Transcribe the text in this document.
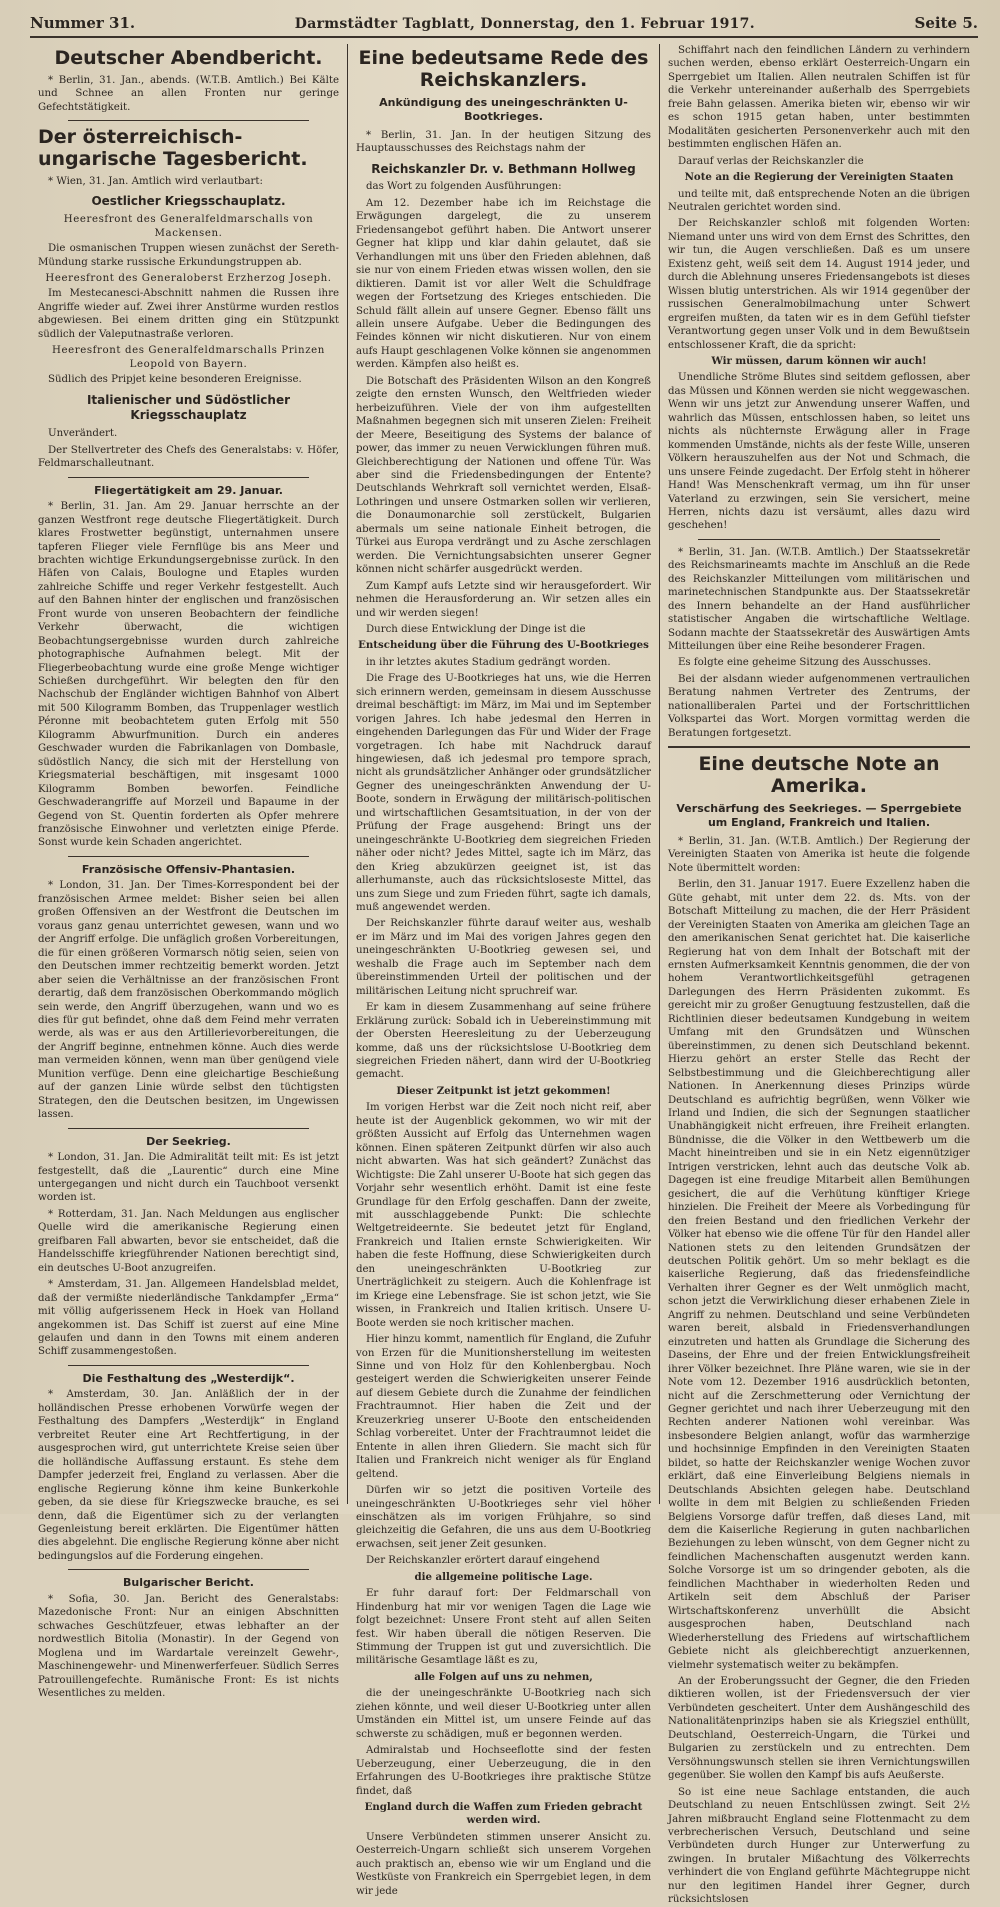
Nummer 31.	Darmstädter Tagblatt, Donnerstag, den 1. Februar 1917.	Seite 5.
Deutscher Abendbericht.

* Berlin, 31. Jan., abends. (W.T.B. Amtlich.) Bei Kälte und Schnee an allen Fronten nur geringe Gefechtstätigkeit.

Der österreichisch-ungarische Tagesbericht.

* Wien, 31. Jan. Amtlich wird verlautbart:

Oestlicher Kriegsschauplatz.

Heeresfront des Generalfeldmarschalls von Mackensen.

Die osmanischen Truppen wiesen zunächst der Sereth-Mündung starke russische Erkundungstruppen ab.

Heeresfront des Generaloberst Erzherzog Joseph.

Im Mestecanesci-Abschnitt nahmen die Russen ihre Angriffe wieder auf. Zwei ihrer Anstürme wurden restlos abgewiesen. Bei einem dritten ging ein Stützpunkt südlich der Valeputnastraße verloren.

Heeresfront des Generalfeldmarschalls Prinzen Leopold von Bayern.

Südlich des Pripjet keine besonderen Ereignisse.

Italienischer und Südöstlicher Kriegsschauplatz

Unverändert.

Der Stellvertreter des Chefs des Generalstabs: v. Höfer, Feldmarschalleutnant.

Fliegertätigkeit am 29. Januar.

* Berlin, 31. Jan. Am 29. Januar herrschte an der ganzen Westfront rege deutsche Fliegertätigkeit. Durch klares Frostwetter begünstigt, unternahmen unsere tapferen Flieger viele Fernflüge bis ans Meer und brachten wichtige Erkundungsergebnisse zurück. In den Häfen von Calais, Boulogne und Etaples wurden zahlreiche Schiffe und reger Verkehr festgestellt. Auch auf den Bahnen hinter der englischen und französischen Front wurde von unseren Beobachtern der feindliche Verkehr überwacht, die wichtigen Beobachtungsergebnisse wurden durch zahlreiche photographische Aufnahmen belegt. Mit der Fliegerbeobachtung wurde eine große Menge wichtiger Schießen durchgeführt. Wir belegten den für den Nachschub der Engländer wichtigen Bahnhof von Albert mit 500 Kilogramm Bomben, das Truppenlager westlich Péronne mit beobachtetem guten Erfolg mit 550 Kilogramm Abwurfmunition. Durch ein anderes Geschwader wurden die Fabrikanlagen von Dombasle, südöstlich Nancy, die sich mit der Herstellung von Kriegsmaterial beschäftigen, mit insgesamt 1000 Kilogramm Bomben beworfen. Feindliche Geschwaderangriffe auf Morzeil und Bapaume in der Gegend von St. Quentin forderten als Opfer mehrere französische Einwohner und verletzten einige Pferde. Sonst wurde kein Schaden angerichtet.

Französische Offensiv-Phantasien.

* London, 31. Jan. Der Times-Korrespondent bei der französischen Armee meldet: Bisher seien bei allen großen Offensiven an der Westfront die Deutschen im voraus ganz genau unterrichtet gewesen, wann und wo der Angriff erfolge. Die unfäglich großen Vorbereitungen, die für einen größeren Vormarsch nötig seien, seien von den Deutschen immer rechtzeitig bemerkt worden. Jetzt aber seien die Verhältnisse an der französischen Front derartig, daß dem französischen Oberkommando möglich sein werde, den Angriff überzugehen, wann und wo es dies für gut befindet, ohne daß dem Feind mehr verraten werde, als was er aus den Artillerievorbereitungen, die der Angriff beginne, entnehmen könne. Auch dies werde man vermeiden können, wenn man über genügend viele Munition verfüge. Denn eine gleichartige Beschießung auf der ganzen Linie würde selbst den tüchtigsten Strategen, den die Deutschen besitzen, im Ungewissen lassen.

Der Seekrieg.

* London, 31. Jan. Die Admiralität teilt mit: Es ist jetzt festgestellt, daß die „Laurentic“ durch eine Mine untergegangen und nicht durch ein Tauchboot versenkt worden ist.

* Rotterdam, 31. Jan. Nach Meldungen aus englischer Quelle wird die amerikanische Regierung einen greifbaren Fall abwarten, bevor sie entscheidet, daß die Handelsschiffe kriegführender Nationen berechtigt sind, ein deutsches U-Boot anzugreifen.

* Amsterdam, 31. Jan. Allgemeen Handelsblad meldet, daß der vermißte niederländische Tankdampfer „Erma“ mit völlig aufgerissenem Heck in Hoek van Holland angekommen ist. Das Schiff ist zuerst auf eine Mine gelaufen und dann in den Towns mit einem anderen Schiff zusammengestoßen.

Die Festhaltung des „Westerdijk“.

* Amsterdam, 30. Jan. Anläßlich der in der holländischen Presse erhobenen Vorwürfe wegen der Festhaltung des Dampfers „Westerdijk“ in England verbreitet Reuter eine Art Rechtfertigung, in der ausgesprochen wird, gut unterrichtete Kreise seien über die holländische Auffassung erstaunt. Es stehe dem Dampfer jederzeit frei, England zu verlassen. Aber die englische Regierung könne ihm keine Bunkerkohle geben, da sie diese für Kriegszwecke brauche, es sei denn, daß die Eigentümer sich zu der verlangten Gegenleistung bereit erklärten. Die Eigentümer hätten dies abgelehnt. Die englische Regierung könne aber nicht bedingungslos auf die Forderung eingehen.

Bulgarischer Bericht.

* Sofia, 30. Jan. Bericht des Generalstabs: Mazedonische Front: Nur an einigen Abschnitten schwaches Geschützfeuer, etwas lebhafter an der nordwestlich Bitolia (Monastir). In der Gegend von Moglena und im Wardartale vereinzelt Gewehr-, Maschinengewehr- und Minenwerferfeuer. Südlich Serres Patrouillengefechte. Rumänische Front: Es ist nichts Wesentliches zu melden.

Eine bedeutsame Rede des Reichskanzlers.
Ankündigung des uneingeschränkten U-Bootkrieges.

* Berlin, 31. Jan. In der heutigen Sitzung des Hauptausschusses des Reichstags nahm der

Reichskanzler Dr. v. Bethmann Hollweg

das Wort zu folgenden Ausführungen:

Am 12. Dezember habe ich im Reichstage die Erwägungen dargelegt, die zu unserem Friedensangebot geführt haben. Die Antwort unserer Gegner hat klipp und klar dahin gelautet, daß sie Verhandlungen mit uns über den Frieden ablehnen, daß sie nur von einem Frieden etwas wissen wollen, den sie diktieren. Damit ist vor aller Welt die Schuldfrage wegen der Fortsetzung des Krieges entschieden. Die Schuld fällt allein auf unsere Gegner. Ebenso fällt uns allein unsere Aufgabe. Ueber die Bedingungen des Feindes können wir nicht diskutieren. Nur von einem aufs Haupt geschlagenen Volke können sie angenommen werden. Kämpfen also heißt es.

Die Botschaft des Präsidenten Wilson an den Kongreß zeigte den ernsten Wunsch, den Weltfrieden wieder herbeizuführen. Viele der von ihm aufgestellten Maßnahmen begegnen sich mit unseren Zielen: Freiheit der Meere, Beseitigung des Systems der balance of power, das immer zu neuen Verwicklungen führen muß. Gleichberechtigung der Nationen und offene Tür. Was aber sind die Friedensbedingungen der Entente? Deutschlands Wehrkraft soll vernichtet werden, Elsaß-Lothringen und unsere Ostmarken sollen wir verlieren, die Donaumonarchie soll zerstückelt, Bulgarien abermals um seine nationale Einheit betrogen, die Türkei aus Europa verdrängt und zu Asche zerschlagen werden. Die Vernichtungsabsichten unserer Gegner können nicht schärfer ausgedrückt werden.

Zum Kampf aufs Letzte sind wir herausgefordert. Wir nehmen die Herausforderung an. Wir setzen alles ein und wir werden siegen!

Durch diese Entwicklung der Dinge ist die

Entscheidung über die Führung des U-Bootkrieges

in ihr letztes akutes Stadium gedrängt worden.

Die Frage des U-Bootkrieges hat uns, wie die Herren sich erinnern werden, gemeinsam in diesem Ausschusse dreimal beschäftigt: im März, im Mai und im September vorigen Jahres. Ich habe jedesmal den Herren in eingehenden Darlegungen das Für und Wider der Frage vorgetragen. Ich habe mit Nachdruck darauf hingewiesen, daß ich jedesmal pro tempore sprach, nicht als grundsätzlicher Anhänger oder grundsätzlicher Gegner des uneingeschränkten Anwendung der U-Boote, sondern in Erwägung der militärisch-politischen und wirtschaftlichen Gesamtsituation, in der von der Prüfung der Frage ausgehend: Bringt uns der uneingeschränkte U-Bootkrieg dem siegreichen Frieden näher oder nicht? Jedes Mittel, sagte ich im März, das den Krieg abzukürzen geeignet ist, ist das allerhumanste, auch das rücksichtsloseste Mittel, das uns zum Siege und zum Frieden führt, sagte ich damals, muß angewendet werden.

Der Reichskanzler führte darauf weiter aus, weshalb er im März und im Mai des vorigen Jahres gegen den uneingeschränkten U-Bootkrieg gewesen sei, und weshalb die Frage auch im September nach dem übereinstimmenden Urteil der politischen und der militärischen Leitung nicht spruchreif war.

Er kam in diesem Zusammenhang auf seine frühere Erklärung zurück: Sobald ich in Uebereinstimmung mit der Obersten Heeresleitung zu der Ueberzeugung komme, daß uns der rücksichtslose U-Bootkrieg dem siegreichen Frieden nähert, dann wird der U-Bootkrieg gemacht.

Dieser Zeitpunkt ist jetzt gekommen!

Im vorigen Herbst war die Zeit noch nicht reif, aber heute ist der Augenblick gekommen, wo wir mit der größten Aussicht auf Erfolg das Unternehmen wagen können. Einen späteren Zeitpunkt dürfen wir also auch nicht abwarten. Was hat sich geändert? Zunächst das Wichtigste: Die Zahl unserer U-Boote hat sich gegen das Vorjahr sehr wesentlich erhöht. Damit ist eine feste Grundlage für den Erfolg geschaffen. Dann der zweite, mit ausschlaggebende Punkt: Die schlechte Weltgetreideernte. Sie bedeutet jetzt für England, Frankreich und Italien ernste Schwierigkeiten. Wir haben die feste Hoffnung, diese Schwierigkeiten durch den uneingeschränkten U-Bootkrieg zur Unerträglichkeit zu steigern. Auch die Kohlenfrage ist im Kriege eine Lebensfrage. Sie ist schon jetzt, wie Sie wissen, in Frankreich und Italien kritisch. Unsere U-Boote werden sie noch kritischer machen.

Hier hinzu kommt, namentlich für England, die Zufuhr von Erzen für die Munitionsherstellung im weitesten Sinne und von Holz für den Kohlenbergbau. Noch gesteigert werden die Schwierigkeiten unserer Feinde auf diesem Gebiete durch die Zunahme der feindlichen Frachtraumnot. Hier haben die Zeit und der Kreuzerkrieg unserer U-Boote den entscheidenden Schlag vorbereitet. Unter der Frachtraumnot leidet die Entente in allen ihren Gliedern. Sie macht sich für Italien und Frankreich nicht weniger als für England geltend.

Dürfen wir so jetzt die positiven Vorteile des uneingeschränkten U-Bootkrieges sehr viel höher einschätzen als im vorigen Frühjahre, so sind gleichzeitig die Gefahren, die uns aus dem U-Bootkrieg erwachsen, seit jener Zeit gesunken.

Der Reichskanzler erörtert darauf eingehend

die allgemeine politische Lage.

Er fuhr darauf fort: Der Feldmarschall von Hindenburg hat mir vor wenigen Tagen die Lage wie folgt bezeichnet: Unsere Front steht auf allen Seiten fest. Wir haben überall die nötigen Reserven. Die Stimmung der Truppen ist gut und zuversichtlich. Die militärische Gesamtlage läßt es zu,

alle Folgen auf uns zu nehmen,

die der uneingeschränkte U-Bootkrieg nach sich ziehen könnte, und weil dieser U-Bootkrieg unter allen Umständen ein Mittel ist, um unsere Feinde auf das schwerste zu schädigen, muß er begonnen werden.

Admiralstab und Hochseeflotte sind der festen Ueberzeugung, einer Ueberzeugung, die in den Erfahrungen des U-Bootkrieges ihre praktische Stütze findet, daß

England durch die Waffen zum Frieden gebracht werden wird.

Unsere Verbündeten stimmen unserer Ansicht zu. Oesterreich-Ungarn schließt sich unserem Vorgehen auch praktisch an, ebenso wie wir um England und die Westküste von Frankreich ein Sperrgebiet legen, in dem wir jede

Schiffahrt nach den feindlichen Ländern zu verhindern suchen werden, ebenso erklärt Oesterreich-Ungarn ein Sperrgebiet um Italien. Allen neutralen Schiffen ist für die Verkehr untereinander außerhalb des Sperrgebiets freie Bahn gelassen. Amerika bieten wir, ebenso wir wir es schon 1915 getan haben, unter bestimmten Modalitäten gesicherten Personenverkehr auch mit den bestimmten englischen Häfen an.

Darauf verlas der Reichskanzler die

Note an die Regierung der Vereinigten Staaten

und teilte mit, daß entsprechende Noten an die übrigen Neutralen gerichtet worden sind.

Der Reichskanzler schloß mit folgenden Worten: Niemand unter uns wird von dem Ernst des Schrittes, den wir tun, die Augen verschließen. Daß es um unsere Existenz geht, weiß seit dem 14. August 1914 jeder, und durch die Ablehnung unseres Friedensangebots ist dieses Wissen blutig unterstrichen. Als wir 1914 gegenüber der russischen Generalmobilmachung unter Schwert ergreifen mußten, da taten wir es in dem Gefühl tiefster Verantwortung gegen unser Volk und in dem Bewußtsein entschlossener Kraft, die da spricht:

Wir müssen, darum können wir auch!

Unendliche Ströme Blutes sind seitdem geflossen, aber das Müssen und Können werden sie nicht weggewaschen. Wenn wir uns jetzt zur Anwendung unserer Waffen, und wahrlich das Müssen, entschlossen haben, so leitet uns nichts als nüchternste Erwägung aller in Frage kommenden Umstände, nichts als der feste Wille, unseren Völkern herauszuhelfen aus der Not und Schmach, die uns unsere Feinde zugedacht. Der Erfolg steht in höherer Hand! Was Menschenkraft vermag, um ihn für unser Vaterland zu erzwingen, sein Sie versichert, meine Herren, nichts dazu ist versäumt, alles dazu wird geschehen!

* Berlin, 31. Jan. (W.T.B. Amtlich.) Der Staatssekretär des Reichsmarineamts machte im Anschluß an die Rede des Reichskanzler Mitteilungen vom militärischen und marinetechnischen Standpunkte aus. Der Staatssekretär des Innern behandelte an der Hand ausführlicher statistischer Angaben die wirtschaftliche Weltlage. Sodann machte der Staatssekretär des Auswärtigen Amts Mitteilungen über eine Reihe besonderer Fragen.

Es folgte eine geheime Sitzung des Ausschusses.

Bei der alsdann wieder aufgenommenen vertraulichen Beratung nahmen Vertreter des Zentrums, der nationalliberalen Partei und der Fortschrittlichen Volkspartei das Wort. Morgen vormittag werden die Beratungen fortgesetzt.

Eine deutsche Note an Amerika.
Verschärfung des Seekrieges. — Sperrgebiete um England, Frankreich und Italien.

* Berlin, 31. Jan. (W.T.B. Amtlich.) Der Regierung der Vereinigten Staaten von Amerika ist heute die folgende Note übermittelt worden:

Berlin, den 31. Januar 1917. Euere Exzellenz haben die Güte gehabt, mit unter dem 22. ds. Mts. von der Botschaft Mitteilung zu machen, die der Herr Präsident der Vereinigten Staaten von Amerika am gleichen Tage an den amerikanischen Senat gerichtet hat. Die kaiserliche Regierung hat von dem Inhalt der Botschaft mit der ernsten Aufmerksamkeit Kenntnis genommen, die der von hohem Verantwortlichkeitsgefühl getragenen Darlegungen des Herrn Präsidenten zukommt. Es gereicht mir zu großer Genugtuung festzustellen, daß die Richtlinien dieser bedeutsamen Kundgebung in weitem Umfang mit den Grundsätzen und Wünschen übereinstimmen, zu denen sich Deutschland bekennt. Hierzu gehört an erster Stelle das Recht der Selbstbestimmung und die Gleichberechtigung aller Nationen. In Anerkennung dieses Prinzips würde Deutschland es aufrichtig begrüßen, wenn Völker wie Irland und Indien, die sich der Segnungen staatlicher Unabhängigkeit nicht erfreuen, ihre Freiheit erlangten. Bündnisse, die die Völker in den Wettbewerb um die Macht hineintreiben und sie in ein Netz eigennütziger Intrigen verstricken, lehnt auch das deutsche Volk ab. Dagegen ist eine freudige Mitarbeit allen Bemühungen gesichert, die auf die Verhütung künftiger Kriege hinzielen. Die Freiheit der Meere als Vorbedingung für den freien Bestand und den friedlichen Verkehr der Völker hat ebenso wie die offene Tür für den Handel aller Nationen stets zu den leitenden Grundsätzen der deutschen Politik gehört. Um so mehr beklagt es die kaiserliche Regierung, daß das friedensfeindliche Verhalten ihrer Gegner es der Welt unmöglich macht, schon jetzt die Verwirklichung dieser erhabenen Ziele in Angriff zu nehmen. Deutschland und seine Verbündeten waren bereit, alsbald in Friedensverhandlungen einzutreten und hatten als Grundlage die Sicherung des Daseins, der Ehre und der freien Entwicklungsfreiheit ihrer Völker bezeichnet. Ihre Pläne waren, wie sie in der Note vom 12. Dezember 1916 ausdrücklich betonten, nicht auf die Zerschmetterung oder Vernichtung der Gegner gerichtet und nach ihrer Ueberzeugung mit den Rechten anderer Nationen wohl vereinbar. Was insbesondere Belgien anlangt, wofür das warmherzige und hochsinnige Empfinden in den Vereinigten Staaten bildet, so hatte der Reichskanzler wenige Wochen zuvor erklärt, daß eine Einverleibung Belgiens niemals in Deutschlands Absichten gelegen habe. Deutschland wollte in dem mit Belgien zu schließenden Frieden Belgiens Vorsorge dafür treffen, daß dieses Land, mit dem die Kaiserliche Regierung in guten nachbarlichen Beziehungen zu leben wünscht, von dem Gegner nicht zu feindlichen Machenschaften ausgenutzt werden kann. Solche Vorsorge ist um so dringender geboten, als die feindlichen Machthaber in wiederholten Reden und Artikeln seit dem Abschluß der Pariser Wirtschaftskonferenz unverhüllt die Absicht ausgesprochen haben, Deutschland nach Wiederherstellung des Friedens auf wirtschaftlichem Gebiete nicht als gleichberechtigt anzuerkennen, vielmehr systematisch weiter zu bekämpfen.

An der Eroberungssucht der Gegner, die den Frieden diktieren wollen, ist der Friedensversuch der vier Verbündeten gescheitert. Unter dem Aushängeschild des Nationalitätenprinzips haben sie als Kriegsziel enthüllt, Deutschland, Oesterreich-Ungarn, die Türkei und Bulgarien zu zerstückeln und zu entrechten. Dem Versöhnungswunsch stellen sie ihren Vernichtungswillen gegenüber. Sie wollen den Kampf bis aufs Aeußerste.

So ist eine neue Sachlage entstanden, die auch Deutschland zu neuen Entschlüssen zwingt. Seit 2½ Jahren mißbraucht England seine Flottenmacht zu dem verbrecherischen Versuch, Deutschland und seine Verbündeten durch Hunger zur Unterwerfung zu zwingen. In brutaler Mißachtung des Völkerrechts verhindert die von England geführte Mächtegruppe nicht nur den legitimen Handel ihrer Gegner, durch rücksichtslosen
